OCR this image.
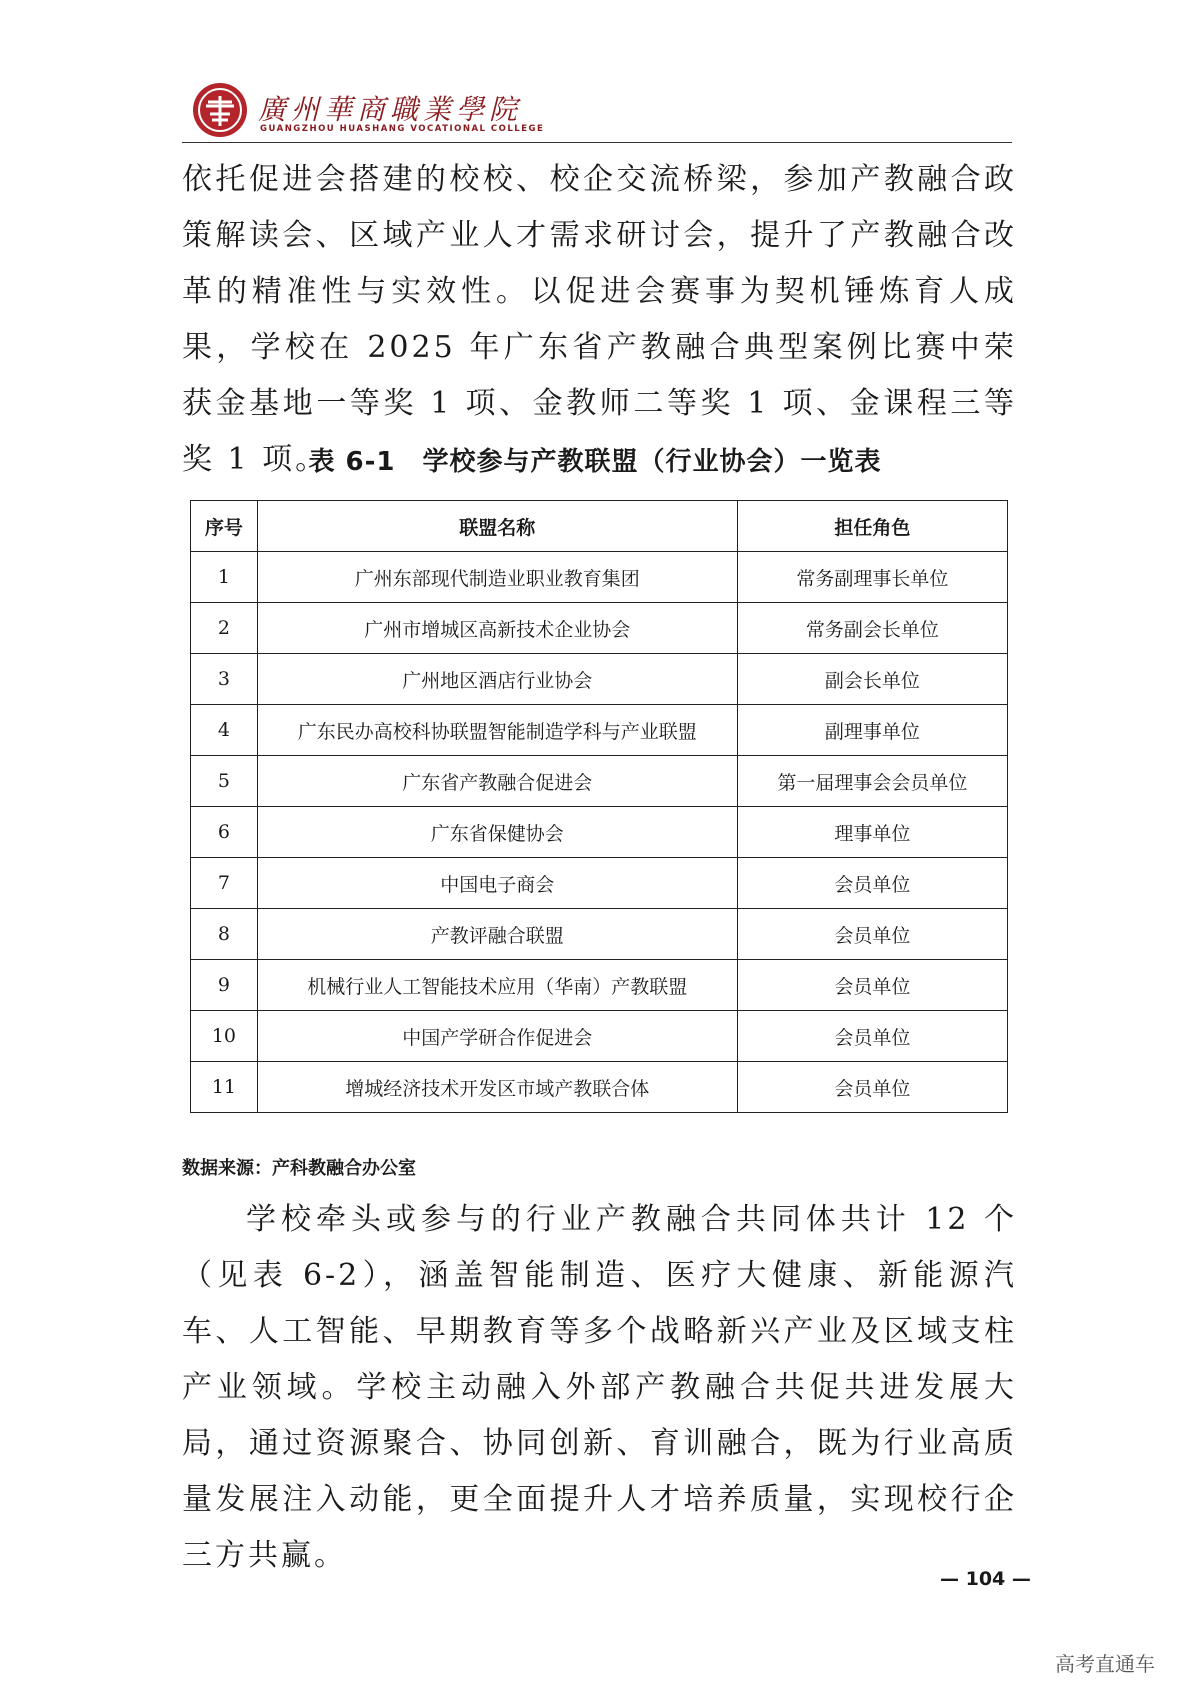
廣州華商職業學院
GUANGZHOU HUASHANG VOCATIONAL COLLEGE

依托促进会搭建的校校、校企交流桥梁，参加产教融合政策解读会、区域产业人才需求研讨会，提升了产教融合改革的精准性与实效性。以促进会赛事为契机锤炼育人成果，学校在 2025 年广东省产教融合典型案例比赛中荣获金基地一等奖 1 项、金教师二等奖 1 项、金课程三等奖 1 项。

表 6-1　学校参与产教联盟（行业协会）一览表
序号	联盟名称	担任角色
1	广州东部现代制造业职业教育集团	常务副理事长单位
2	广州市增城区高新技术企业协会	常务副会长单位
3	广州地区酒店行业协会	副会长单位
4	广东民办高校科协联盟智能制造学科与产业联盟	副理事单位
5	广东省产教融合促进会	第一届理事会会员单位
6	广东省保健协会	理事单位
7	中国电子商会	会员单位
8	产教评融合联盟	会员单位
9	机械行业人工智能技术应用（华南）产教联盟	会员单位
10	中国产学研合作促进会	会员单位
11	增城经济技术开发区市域产教联合体	会员单位
数据来源：产科教融合办公室

学校牵头或参与的行业产教融合共同体共计 12 个（见表 6-2），涵盖智能制造、医疗大健康、新能源汽车、人工智能、早期教育等多个战略新兴产业及区域支柱产业领域。学校主动融入外部产教融合共促共进发展大局，通过资源聚合、协同创新、育训融合，既为行业高质量发展注入动能，更全面提升人才培养质量，实现校行企三方共赢。

— 104 —
高考直通车
